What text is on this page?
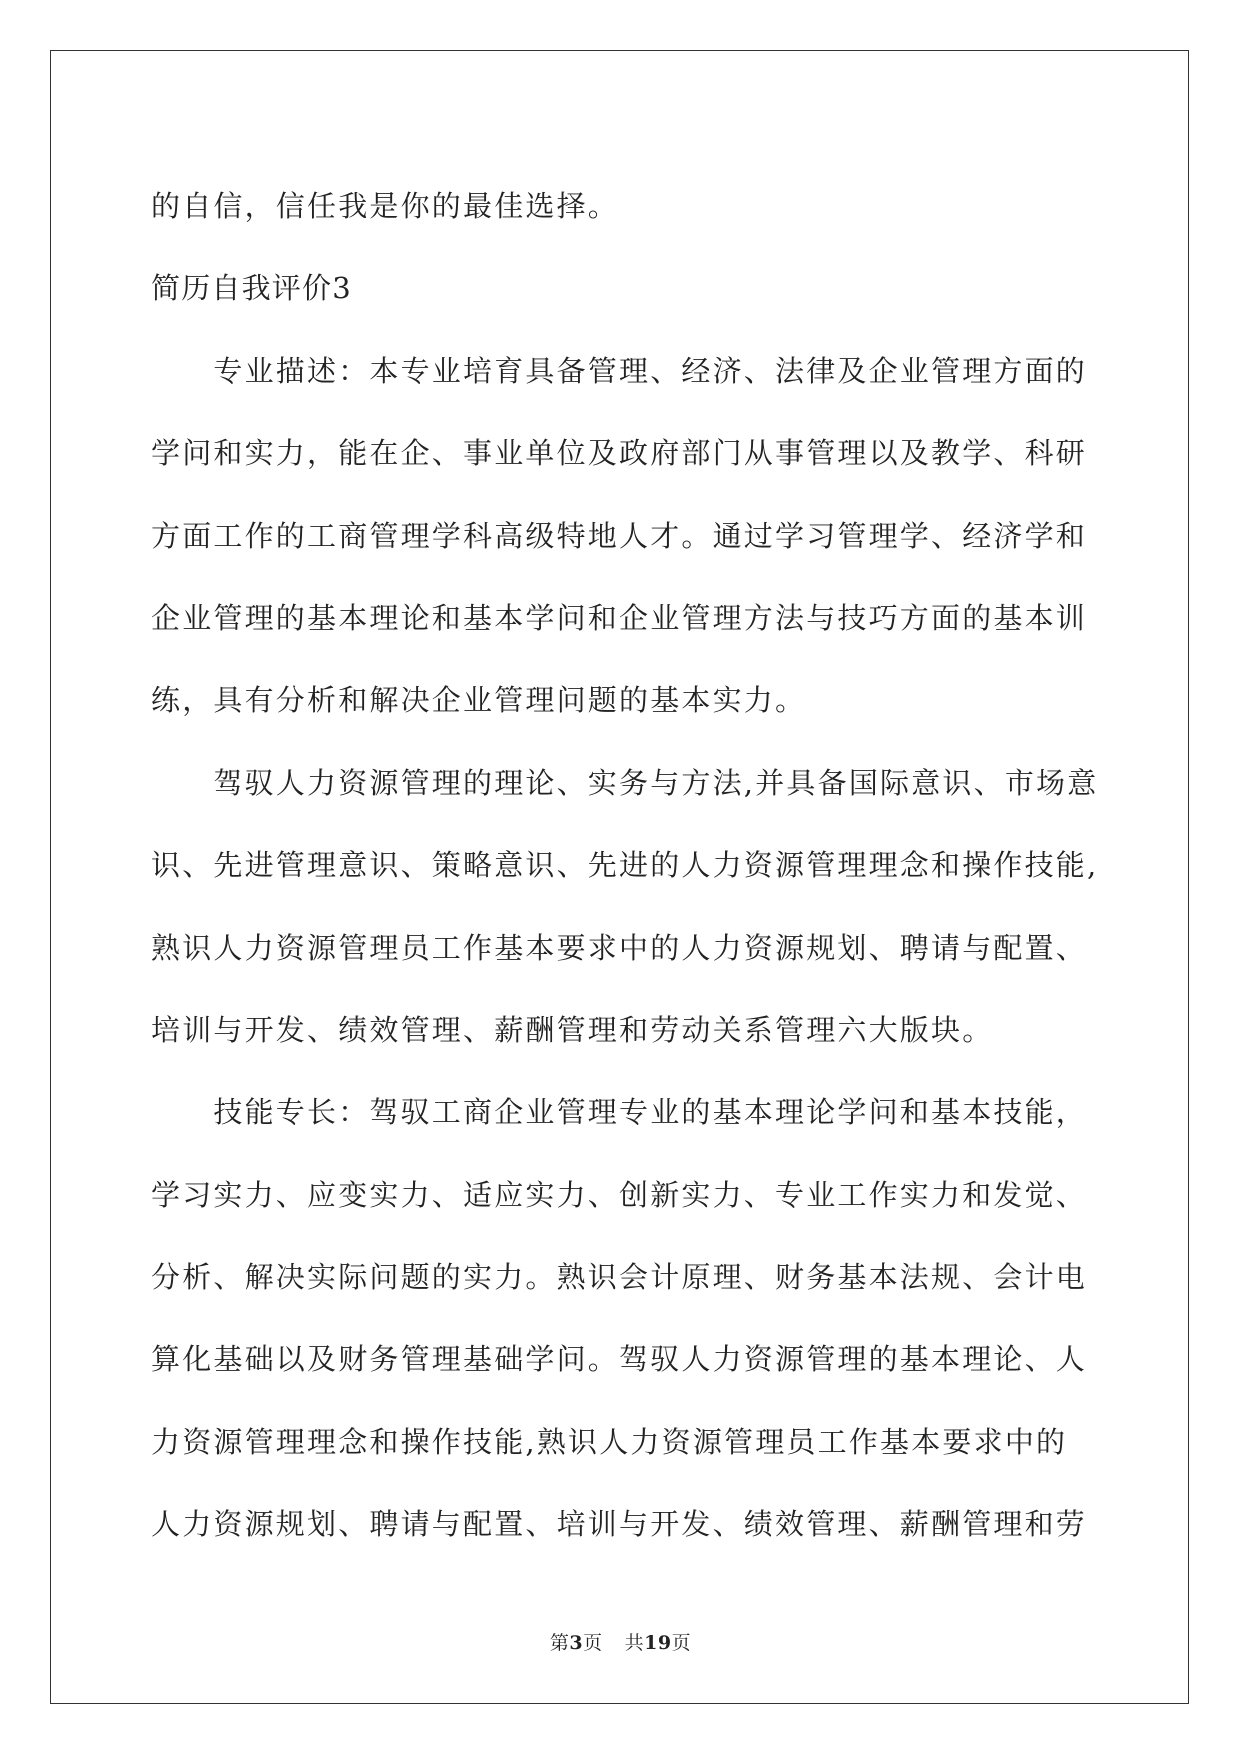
的自信，信任我是你的最佳选择。

简历自我评价3

　　专业描述：本专业培育具备管理、经济、法律及企业管理方面的

学问和实力，能在企、事业单位及政府部门从事管理以及教学、科研

方面工作的工商管理学科高级特地人才。通过学习管理学、经济学和

企业管理的基本理论和基本学问和企业管理方法与技巧方面的基本训

练，具有分析和解决企业管理问题的基本实力。

　　驾驭人力资源管理的理论、实务与方法,并具备国际意识、市场意

识、先进管理意识、策略意识、先进的人力资源管理理念和操作技能,

熟识人力资源管理员工作基本要求中的人力资源规划、聘请与配置、

培训与开发、绩效管理、薪酬管理和劳动关系管理六大版块。

　　技能专长：驾驭工商企业管理专业的基本理论学问和基本技能，

学习实力、应变实力、适应实力、创新实力、专业工作实力和发觉、

分析、解决实际问题的实力。熟识会计原理、财务基本法规、会计电

算化基础以及财务管理基础学问。驾驭人力资源管理的基本理论、人

力资源管理理念和操作技能,熟识人力资源管理员工作基本要求中的

人力资源规划、聘请与配置、培训与开发、绩效管理、薪酬管理和劳

第3页 共19页
